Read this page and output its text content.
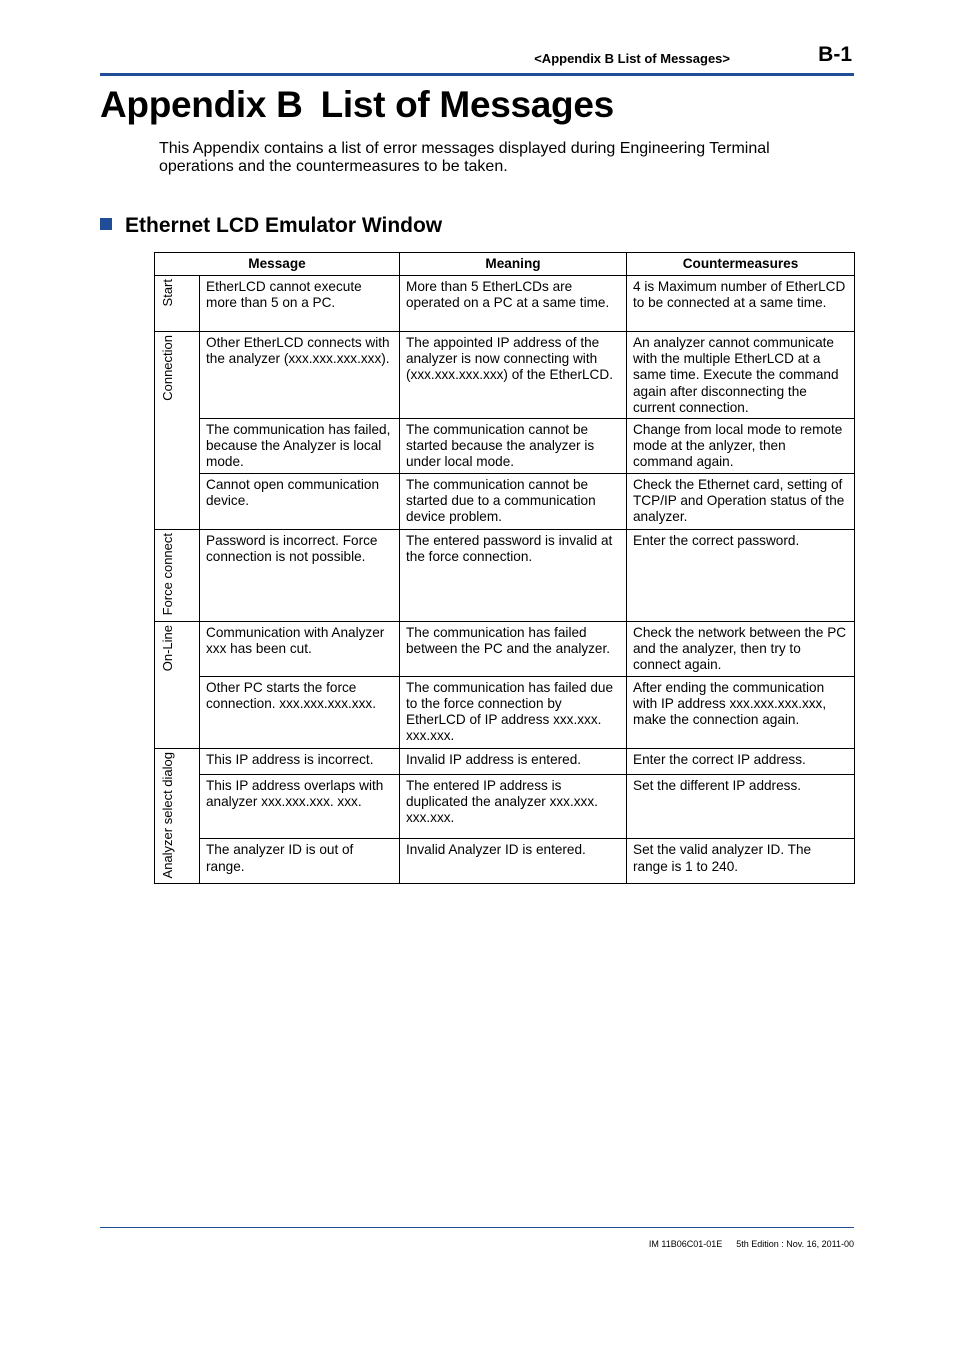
<Appendix B List of Messages>	B-1
Appendix B List of Messages

This Appendix contains a list of error messages displayed during Engineering Terminal operations and the countermeasures to be taken.

Ethernet LCD Emulator Window
Message		Meaning	Countermeasures
Start	EtherLCD cannot execute more than 5 on a PC.	More than 5 EtherLCDs are operated on a PC at a same time.	4 is Maximum number of EtherLCD to be connected at a same time.
Connection	Other EtherLCD connects with the analyzer (xxx.xxx.xxx.xxx).	The appointed IP address of the analyzer is now connecting with (xxx.xxx.xxx.xxx) of the EtherLCD.	An analyzer cannot communicate with the multiple EtherLCD at a same time. Execute the command again after disconnecting the current connection.
	The communication has failed, because the Analyzer is local mode.	The communication cannot be started because the analyzer is under local mode.	Change from local mode to remote mode at the anlyzer, then command again.
	Cannot open communication device.	The communication cannot be started due to a communication device problem.	Check the Ethernet card, setting of TCP/IP and Operation status of the analyzer.
Force connect	Password is incorrect. Force connection is not possible.	The entered password is invalid at the force connection.	Enter the correct password.
On-Line	Communication with Analyzer xxx has been cut.	The communication has failed between the PC and the analyzer.	Check the network between the PC and the analyzer, then try to connect again.
	Other PC starts the force connection. xxx.xxx.xxx.xxx.	The communication has failed due to the force connection by EtherLCD of IP address xxx.xxx. xxx.xxx.	After ending the communication with IP address xxx.xxx.xxx.xxx, make the connection again.
Analyzer select dialog	This IP address is incorrect.	Invalid IP address is entered.	Enter the correct IP address.
	This IP address overlaps with analyzer xxx.xxx.xxx. xxx.	The entered IP address is duplicated the analyzer xxx.xxx. xxx.xxx.	Set the different IP address.
	The analyzer ID is out of range.	Invalid Analyzer ID is entered.	Set the valid analyzer ID. The range is 1 to 240.
IM 11B06C01-01E 5th Edition : Nov. 16, 2011-00
